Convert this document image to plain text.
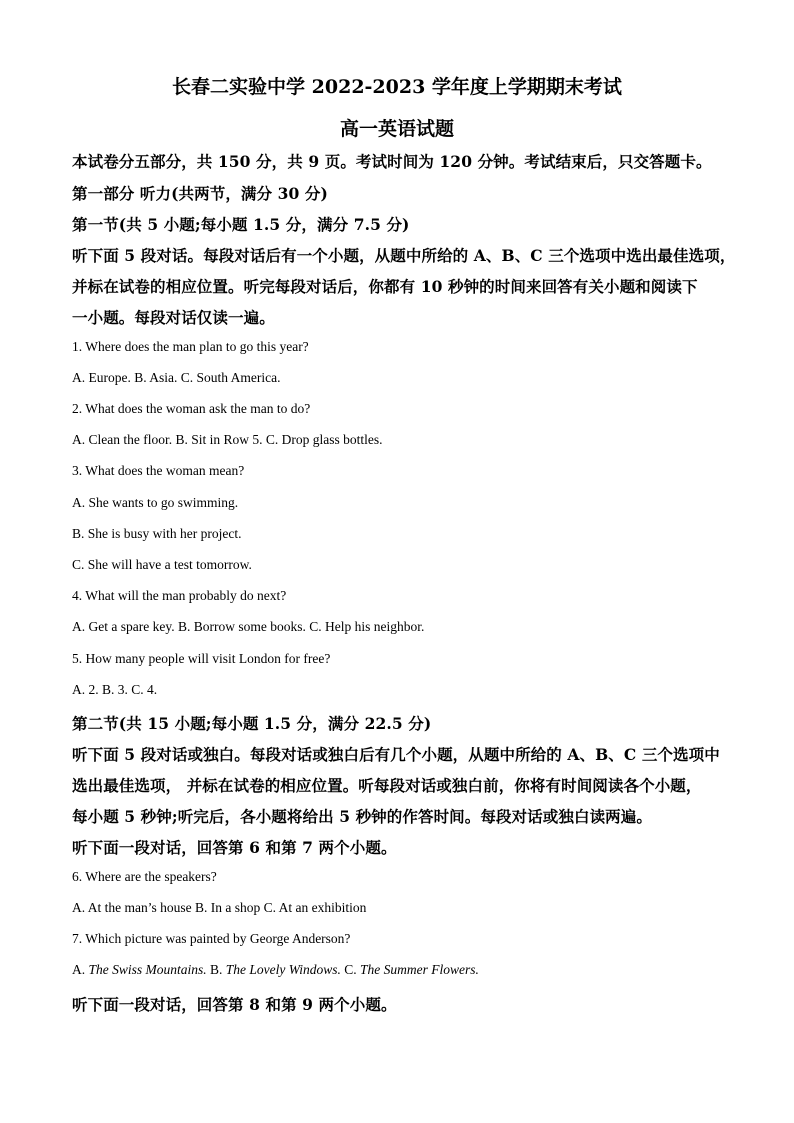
长春二实验中学 2022-2023 学年度上学期期末考试
高一英语试题
本试卷分五部分，共 150 分，共 9 页。考试时间为 120 分钟。考试结束后，只交答题卡。
第一部分 听力(共两节，满分 30 分)
第一节(共 5 小题;每小题 1.5 分，满分 7.5 分)
听下面 5 段对话。每段对话后有一个小题，从题中所给的 A、B、C 三个选项中选出最佳选项，
并标在试卷的相应位置。听完每段对话后，你都有 10 秒钟的时间来回答有关小题和阅读下
一小题。每段对话仅读一遍。
1. Where does the man plan to go this year?
A. Europe. B. Asia. C. South America.
2. What does the woman ask the man to do?
A. Clean the floor. B. Sit in Row 5. C. Drop glass bottles.
3. What does the woman mean?
A. She wants to go swimming.
B. She is busy with her project.
C. She will have a test tomorrow.
4. What will the man probably do next?
A. Get a spare key. B. Borrow some books. C. Help his neighbor.
5. How many people will visit London for free?
A. 2. B. 3. C. 4.
第二节(共 15 小题;每小题 1.5 分，满分 22.5 分)
听下面 5 段对话或独白。每段对话或独白后有几个小题，从题中所给的 A、B、C 三个选项中
选出最佳选项， 并标在试卷的相应位置。听每段对话或独白前，你将有时间阅读各个小题，
每小题 5 秒钟;听完后，各小题将给出 5 秒钟的作答时间。每段对话或独白读两遍。
听下面一段对话，回答第 6 和第 7 两个小题。
6. Where are the speakers?
A. At the man’s house B. In a shop C. At an exhibition
7. Which picture was painted by George Anderson?
A. The Swiss Mountains. B. The Lovely Windows. C. The Summer Flowers.
听下面一段对话，回答第 8 和第 9 两个小题。
